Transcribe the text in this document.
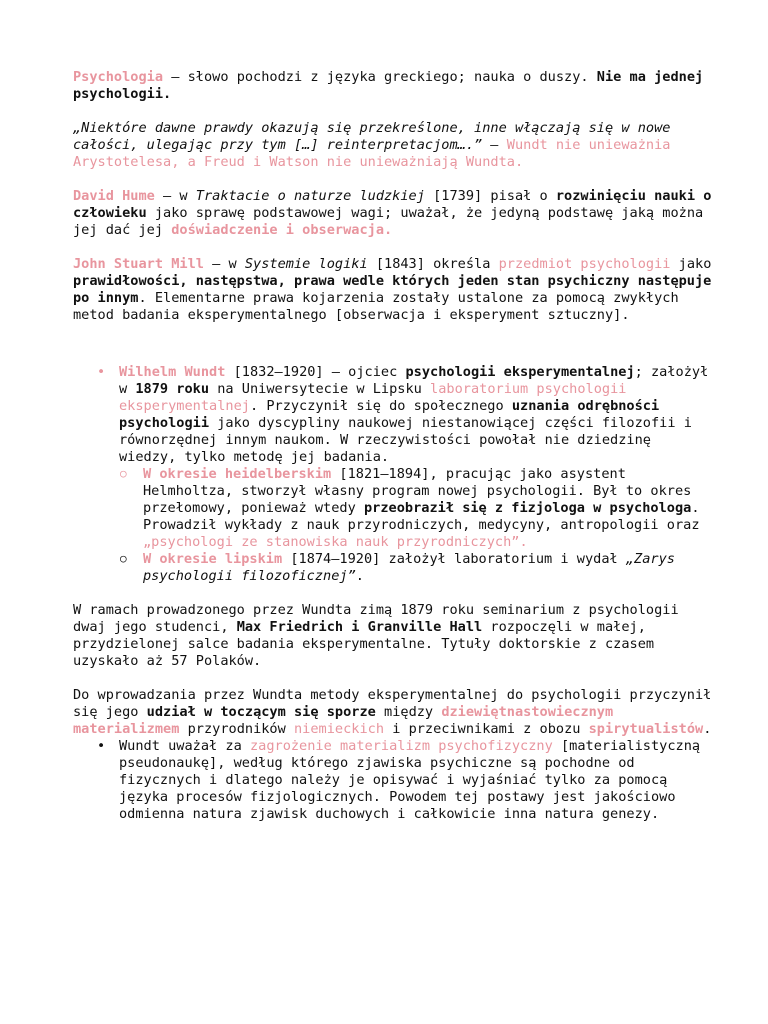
Psychologia – słowo pochodzi z języka greckiego; nauka o duszy. Nie ma jednej psychologii.

„Niektóre dawne prawdy okazują się przekreślone, inne włączają się w nowe całości, ulegając przy tym […] reinterpretacjom….” – Wundt nie unieważnia Arystotelesa, a Freud i Watson nie unieważniają Wundta.

David Hume – w Traktacie o naturze ludzkiej [1739] pisał o rozwinięciu nauki o człowieku jako sprawę podstawowej wagi; uważał, że jedyną podstawę jaką można jej dać jej doświadczenie i obserwacja.

John Stuart Mill – w Systemie logiki [1843] określa przedmiot psychologii jako prawidłowości, następstwa, prawa wedle których jeden stan psychiczny następuje po innym. Elementarne prawa kojarzenia zostały ustalone za pomocą zwykłych metod badania eksperymentalnego [obserwacja i eksperyment sztuczny].

• Wilhelm Wundt [1832–1920] – ojciec psychologii eksperymentalnej; założył w 1879 roku na Uniwersytecie w Lipsku laboratorium psychologii eksperymentalnej. Przyczynił się do społecznego uznania odrębności psychologii jako dyscypliny naukowej niestanowiącej części filozofii i równorzędnej innym naukom. W rzeczywistości powołał nie dziedzinę wiedzy, tylko metodę jej badania.
○ W okresie heidelberskim [1821–1894], pracując jako asystent Helmholtza, stworzył własny program nowej psychologii. Był to okres przełomowy, ponieważ wtedy przeobraził się z fizjologa w psychologa. Prowadził wykłady z nauk przyrodniczych, medycyny, antropologii oraz „psychologi ze stanowiska nauk przyrodniczych”.
○ W okresie lipskim [1874–1920] założył laboratorium i wydał „Zarys psychologii filozoficznej”.

W ramach prowadzonego przez Wundta zimą 1879 roku seminarium z psychologii dwaj jego studenci, Max Friedrich i Granville Hall rozpoczęli w małej, przydzielonej salce badania eksperymentalne. Tytuły doktorskie z czasem uzyskało aż 57 Polaków.

Do wprowadzania przez Wundta metody eksperymentalnej do psychologii przyczynił się jego udział w toczącym się sporze między dziewiętnastowiecznym materializmem przyrodników niemieckich i przeciwnikami z obozu spirytualistów.

• Wundt uważał za zagrożenie materializm psychofizyczny [materialistyczną pseudonaukę], według którego zjawiska psychiczne są pochodne od fizycznych i dlatego należy je opisywać i wyjaśniać tylko za pomocą języka procesów fizjologicznych. Powodem tej postawy jest jakościowo odmienna natura zjawisk duchowych i całkowicie inna natura genezy.
